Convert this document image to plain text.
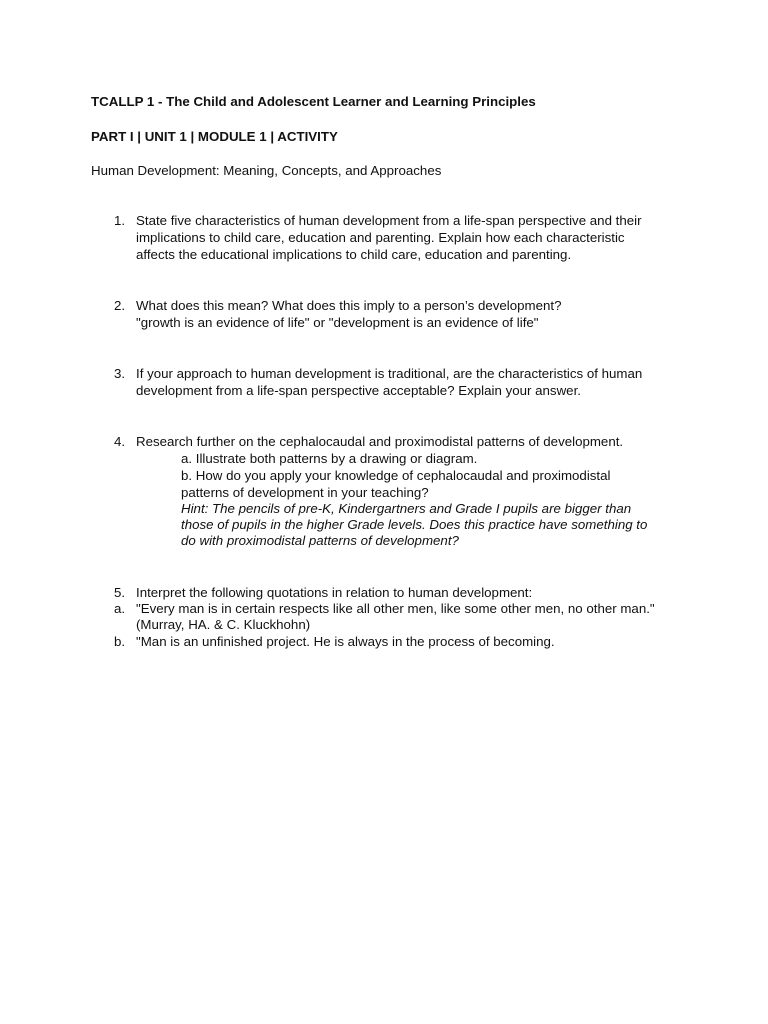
TCALLP 1 - The Child and Adolescent Learner and Learning Principles
PART I | UNIT 1 | MODULE 1 | ACTIVITY
Human Development: Meaning, Concepts, and Approaches
1. State five characteristics of human development from a life-span perspective and their
implications to child care, education and parenting. Explain how each characteristic
affects the educational implications to child care, education and parenting.
2. What does this mean? What does this imply to a person’s development?
"growth is an evidence of life" or "development is an evidence of life"
3. If your approach to human development is traditional, are the characteristics of human
development from a life-span perspective acceptable? Explain your answer.
4. Research further on the cephalocaudal and proximodistal patterns of development.
a. Illustrate both patterns by a drawing or diagram.
b. How do you apply your knowledge of cephalocaudal and proximodistal
patterns of development in your teaching?
Hint: The pencils of pre-K, Kindergartners and Grade I pupils are bigger than
those of pupils in the higher Grade levels. Does this practice have something to
do with proximodistal patterns of development?
5. Interpret the following quotations in relation to human development:
a. "Every man is in certain respects like all other men, like some other men, no other man."
(Murray, HA. & C. Kluckhohn)
b. "Man is an unfinished project. He is always in the process of becoming.
